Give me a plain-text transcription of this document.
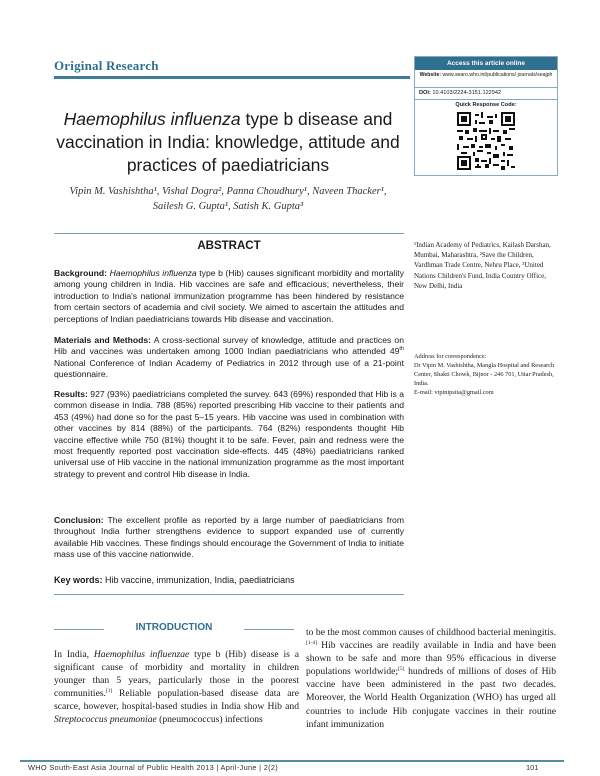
Original Research	Access this article online
Website: www.searo.who.int/publications/ journals/seajph
DOI: 10.4103/2224-3151.122942
Quick Response Code:
Haemophilus influenza type b disease and vaccination in India: knowledge, attitude and practices of paediatricians
Vipin M. Vashishtha¹, Vishal Dogra², Panna Choudhury¹, Naveen Thacker¹,
Sailesh G. Gupta¹, Satish K. Gupta³
ABSTRACT
Background: Haemophilus influenza type b (Hib) causes significant morbidity and mortality among young children in India. Hib vaccines are safe and efficacious; nevertheless, their introduction to India's national immunization programme has been hindered by resistance from certain sectors of academia and civil society. We aimed to ascertain the attitudes and perceptions of Indian paediatricians towards Hib disease and vaccination.
Materials and Methods: A cross-sectional survey of knowledge, attitude and practices on Hib and vaccines was undertaken among 1000 Indian paediatricians who attended 49th National Conference of Indian Academy of Pediatrics in 2012 through use of a 21-point questionnaire.
Results: 927 (93%) paediatricians completed the survey. 643 (69%) responded that Hib is a common disease in India. 788 (85%) reported prescribing Hib vaccine to their patients and 453 (49%) had done so for the past 5–15 years. Hib vaccine was used in combination with other vaccines by 814 (88%) of the participants. 764 (82%) respondents thought Hib vaccine effective while 750 (81%) thought it to be safe. Fever, pain and redness were the most frequently reported post vaccination side-effects. 445 (48%) paediatricians ranked universal use of Hib vaccine in the national immunization programme as the most important strategy to prevent and control Hib disease in India.
Conclusion: The excellent profile as reported by a large number of paediatricians from throughout India further strengthens evidence to support expanded use of currently available Hib vaccines. These findings should encourage the Government of India to initiate mass use of this vaccine nationwide.
Key words: Hib vaccine, immunization, India, paediatricians
¹Indian Academy of Pediatrics, Kailash Darshan, Mumbai, Maharashtra, ²Save the Children, Vardhman Trade Centre, Nehru Place, ³United Nations Children's Fund, India Country Office, New Delhi, India
Address for correspondence:
Dr Vipin M. Vashishtha, Mangla Hospital and Research Center, Shakti Chowk, Bijnor - 246 701, Uttar Pradesh, India.
E-mail: vipinipsita@gmail.com
INTRODUCTION
In India, Haemophilus influenzae type b (Hib) disease is a significant cause of morbidity and mortality in children younger than 5 years, particularly those in the poorest communities.[1] Reliable population-based disease data are scarce, however, hospital-based studies in India show Hib and Streptococcus pneumoniae (pneumococcus) infections
to be the most common causes of childhood bacterial meningitis.[1-4] Hib vaccines are readily available in India and have been shown to be safe and more than 95% efficacious in diverse populations worldwide;[5] hundreds of millions of doses of Hib vaccine have been administered in the past two decades. Moreover, the World Health Organization (WHO) has urged all countries to include Hib conjugate vaccines in their routine infant immunization
WHO South-East Asia Journal of Public Health 2013 | April-June | 2(2)	101
